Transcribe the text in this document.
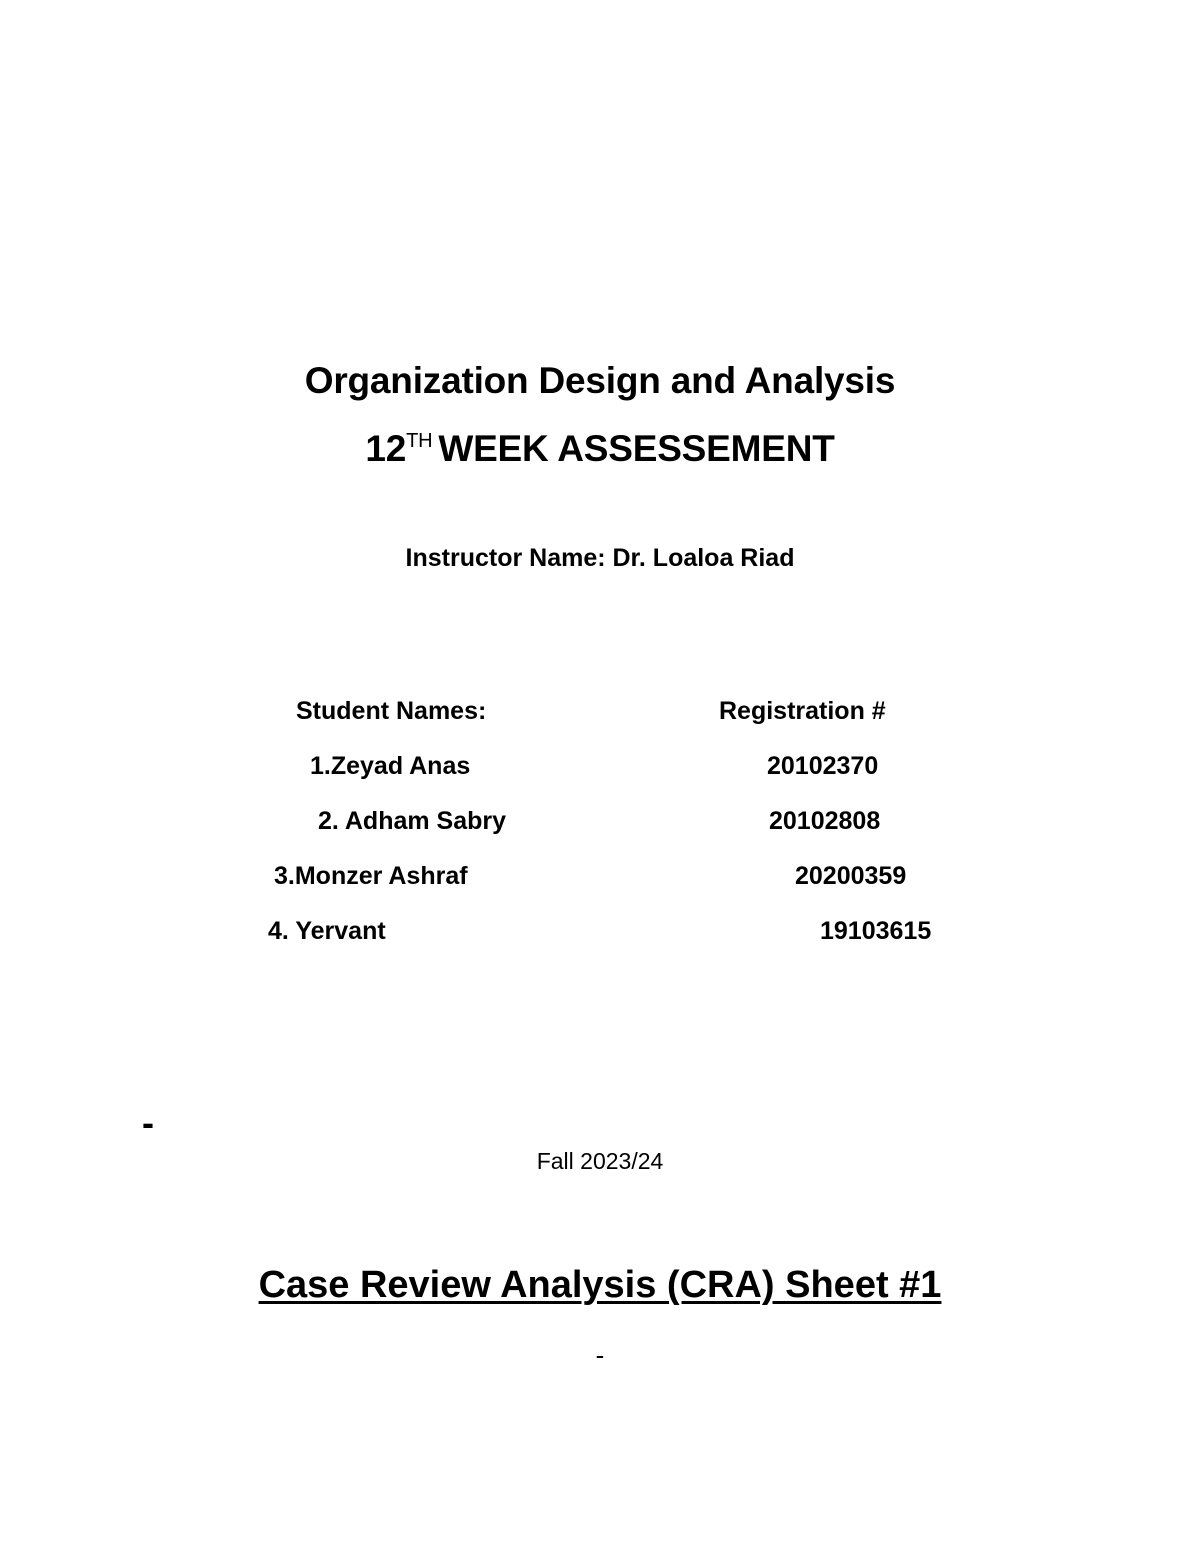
Organization Design and Analysis
12TH WEEK ASSESSEMENT
Instructor Name: Dr. Loaloa Riad
Student Names:	Registration #
1.Zeyad Anas	20102370
2. Adham Sabry	20102808
3.Monzer Ashraf	20200359
4. Yervant	19103615
-
Fall 2023/24
Case Review Analysis (CRA) Sheet #1
-
